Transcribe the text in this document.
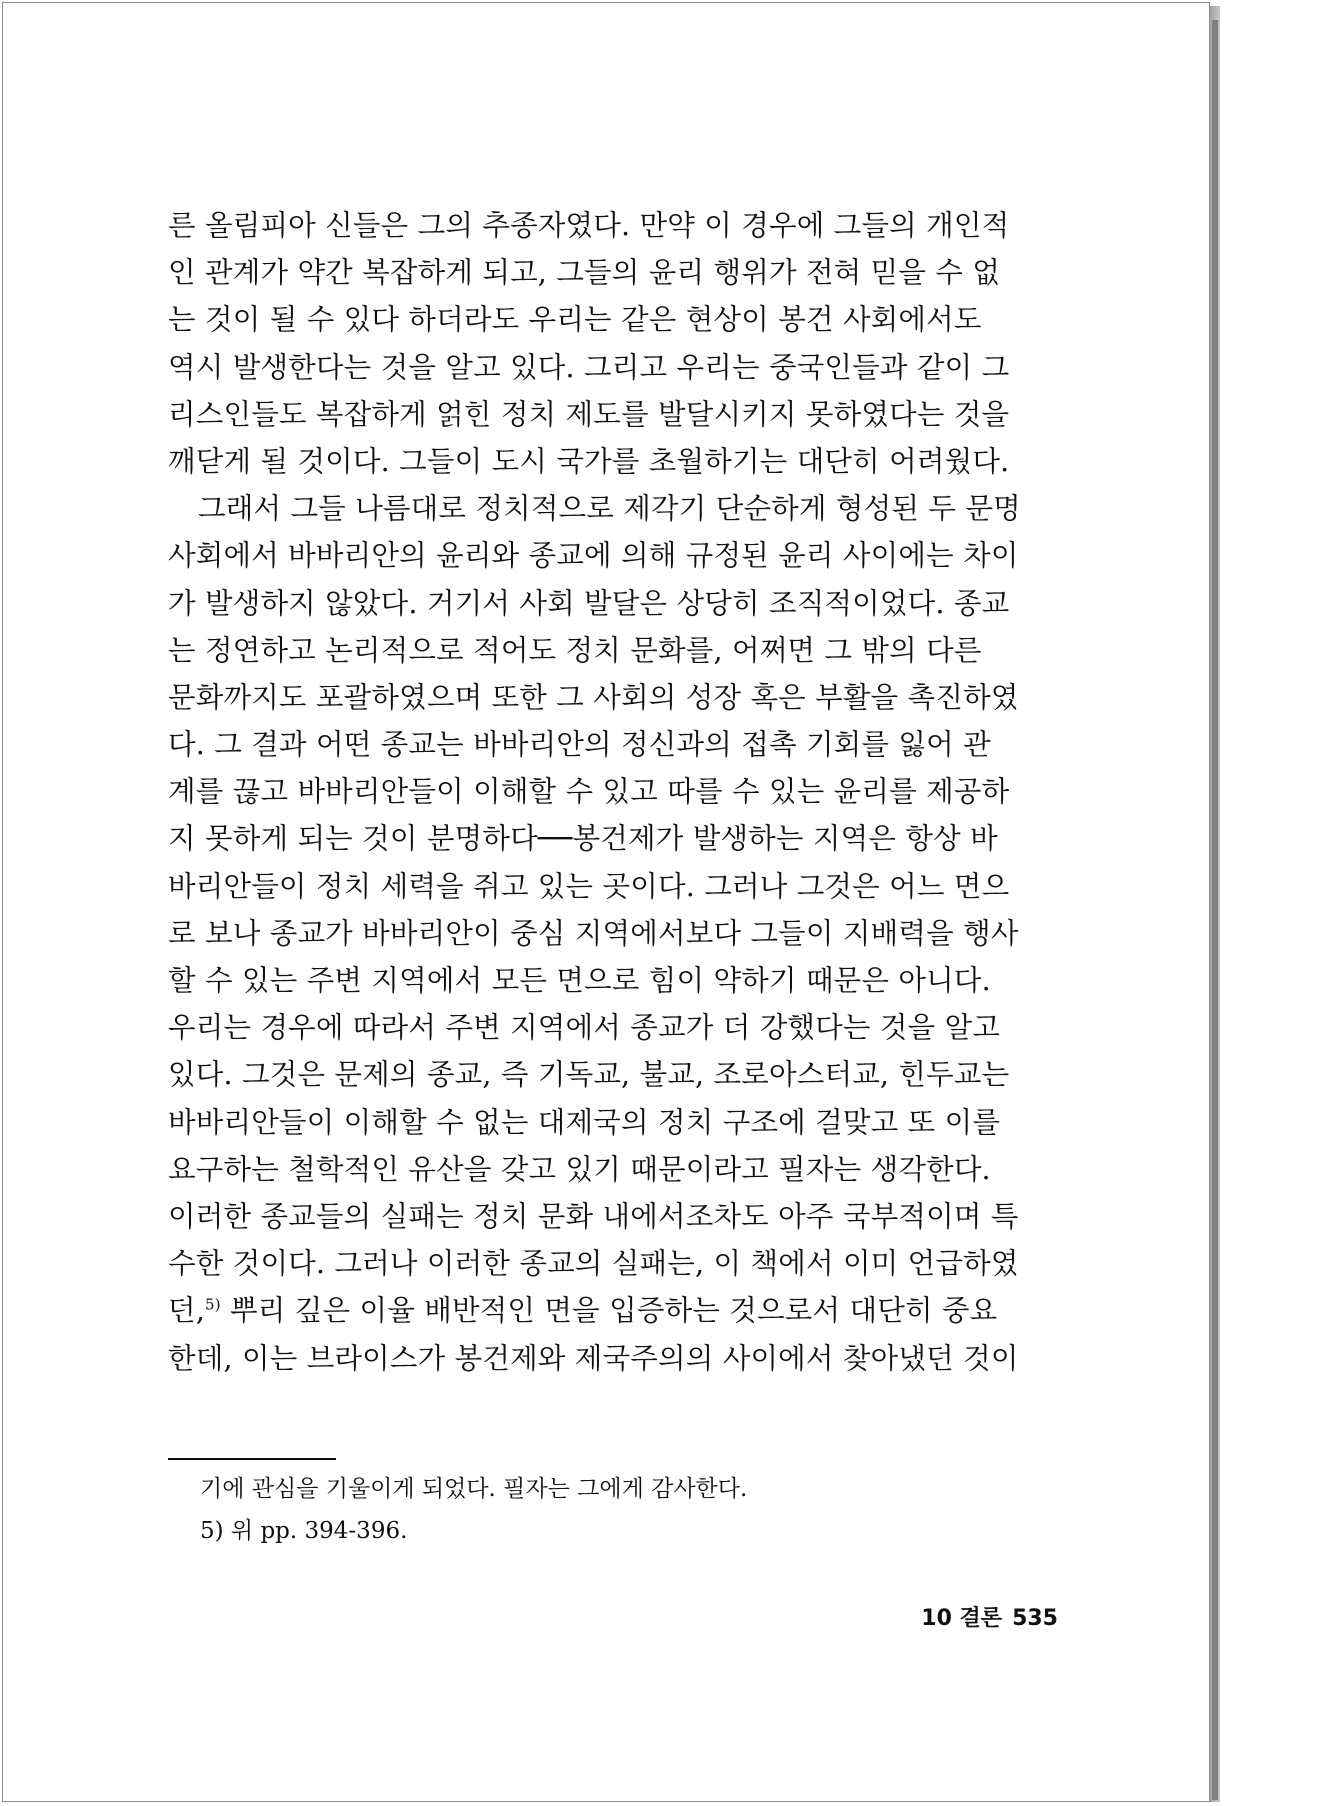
른 올림피아 신들은 그의 추종자였다. 만약 이 경우에 그들의 개인적
인 관계가 약간 복잡하게 되고, 그들의 윤리 행위가 전혀 믿을 수 없
는 것이 될 수 있다 하더라도 우리는 같은 현상이 봉건 사회에서도
역시 발생한다는 것을 알고 있다. 그리고 우리는 중국인들과 같이 그
리스인들도 복잡하게 얽힌 정치 제도를 발달시키지 못하였다는 것을
깨닫게 될 것이다. 그들이 도시 국가를 초월하기는 대단히 어려웠다.
그래서 그들 나름대로 정치적으로 제각기 단순하게 형성된 두 문명
사회에서 바바리안의 윤리와 종교에 의해 규정된 윤리 사이에는 차이
가 발생하지 않았다. 거기서 사회 발달은 상당히 조직적이었다. 종교
는 정연하고 논리적으로 적어도 정치 문화를, 어쩌면 그 밖의 다른
문화까지도 포괄하였으며 또한 그 사회의 성장 혹은 부활을 촉진하였
다. 그 결과 어떤 종교는 바바리안의 정신과의 접촉 기회를 잃어 관
계를 끊고 바바리안들이 이해할 수 있고 따를 수 있는 윤리를 제공하
지 못하게 되는 것이 분명하다──봉건제가 발생하는 지역은 항상 바
바리안들이 정치 세력을 쥐고 있는 곳이다. 그러나 그것은 어느 면으
로 보나 종교가 바바리안이 중심 지역에서보다 그들이 지배력을 행사
할 수 있는 주변 지역에서 모든 면으로 힘이 약하기 때문은 아니다.
우리는 경우에 따라서 주변 지역에서 종교가 더 강했다는 것을 알고
있다. 그것은 문제의 종교, 즉 기독교, 불교, 조로아스터교, 힌두교는
바바리안들이 이해할 수 없는 대제국의 정치 구조에 걸맞고 또 이를
요구하는 철학적인 유산을 갖고 있기 때문이라고 필자는 생각한다.
이러한 종교들의 실패는 정치 문화 내에서조차도 아주 국부적이며 특
수한 것이다. 그러나 이러한 종교의 실패는, 이 책에서 이미 언급하였
던,$^{5)}$ 뿌리 깊은 이율 배반적인 면을 입증하는 것으로서 대단히 중요
한데, 이는 브라이스가 봉건제와 제국주의의 사이에서 찾아냈던 것이
기에 관심을 기울이게 되었다. 필자는 그에게 감사한다.
5) 위 pp. 394-396.
10 결론 535
